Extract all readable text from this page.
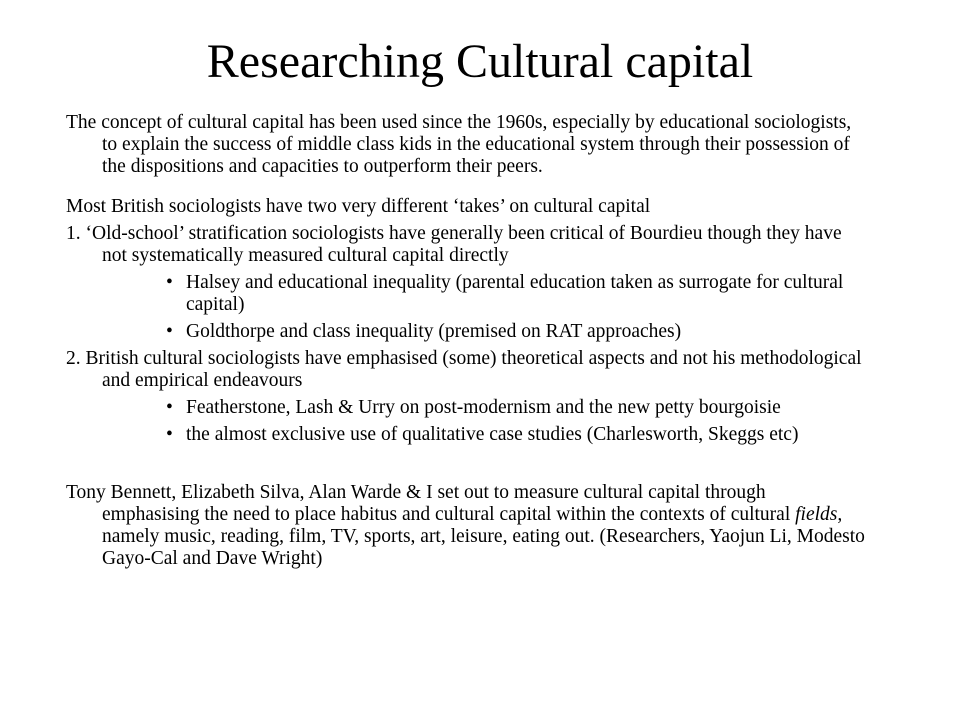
Researching Cultural capital

The concept of cultural capital has been used since the 1960s, especially by educational sociologists, to explain the success of middle class kids in the educational system through their possession of the dispositions and capacities to outperform their peers.

Most British sociologists have two very different ‘takes’ on cultural capital

1. ‘Old-school’ stratification sociologists have generally been critical of Bourdieu though they have not systematically measured cultural capital directly

• Halsey and educational inequality (parental education taken as surrogate for cultural capital)

• Goldthorpe and class inequality (premised on RAT approaches)

2. British cultural sociologists have emphasised (some) theoretical aspects and not his methodological and empirical endeavours

• Featherstone, Lash & Urry on post-modernism and the new petty bourgoisie

• the almost exclusive use of qualitative case studies (Charlesworth, Skeggs etc)

Tony Bennett, Elizabeth Silva, Alan Warde & I set out to measure cultural capital through emphasising the need to place habitus and cultural capital within the contexts of cultural fields, namely music, reading, film, TV, sports, art, leisure, eating out. (Researchers, Yaojun Li, Modesto Gayo-Cal and Dave Wright)
